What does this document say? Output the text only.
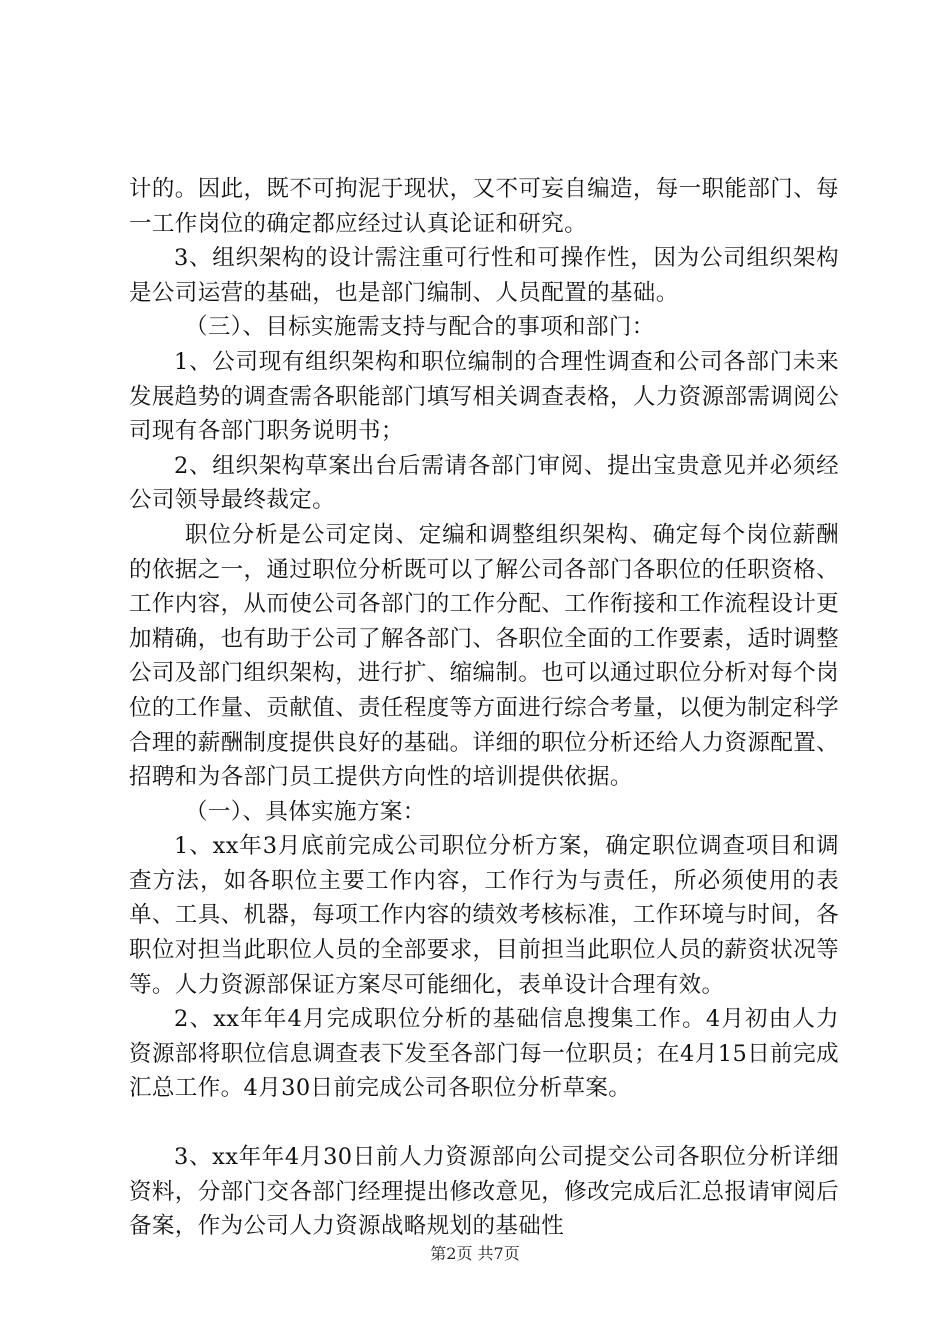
计的。因此，既不可拘泥于现状，又不可妄自编造，每一职能部门、每一工作岗位的确定都应经过认真论证和研究。

3、组织架构的设计需注重可行性和可操作性，因为公司组织架构是公司运营的基础，也是部门编制、人员配置的基础。

（三）、目标实施需支持与配合的事项和部门：

1、公司现有组织架构和职位编制的合理性调查和公司各部门未来发展趋势的调查需各职能部门填写相关调查表格，人力资源部需调阅公司现有各部门职务说明书；

2、组织架构草案出台后需请各部门审阅、提出宝贵意见并必须经公司领导最终裁定。

职位分析是公司定岗、定编和调整组织架构、确定每个岗位薪酬的依据之一，通过职位分析既可以了解公司各部门各职位的任职资格、工作内容，从而使公司各部门的工作分配、工作衔接和工作流程设计更加精确，也有助于公司了解各部门、各职位全面的工作要素，适时调整公司及部门组织架构，进行扩、缩编制。也可以通过职位分析对每个岗位的工作量、贡献值、责任程度等方面进行综合考量，以便为制定科学合理的薪酬制度提供良好的基础。详细的职位分析还给人力资源配置、招聘和为各部门员工提供方向性的培训提供依据。

（一）、具体实施方案：

1、xx年3月底前完成公司职位分析方案，确定职位调查项目和调查方法，如各职位主要工作内容，工作行为与责任，所必须使用的表单、工具、机器，每项工作内容的绩效考核标准，工作环境与时间，各职位对担当此职位人员的全部要求，目前担当此职位人员的薪资状况等等。人力资源部保证方案尽可能细化，表单设计合理有效。

2、xx年年4月完成职位分析的基础信息搜集工作。4月初由人力资源部将职位信息调查表下发至各部门每一位职员；在4月15日前完成汇总工作。4月30日前完成公司各职位分析草案。

3、xx年年4月30日前人力资源部向公司提交公司各职位分析详细资料，分部门交各部门经理提出修改意见，修改完成后汇总报请审阅后备案，作为公司人力资源战略规划的基础性

第2页 共7页
